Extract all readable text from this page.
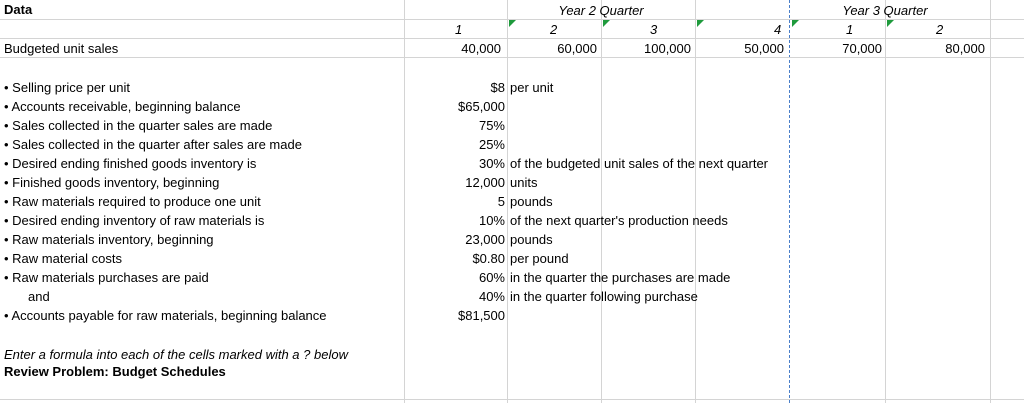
Data	Year 2 Quarter	Year 3 Quarter
1	2	3	4	1	2
Budgeted unit sales	40,000	60,000	100,000	50,000	70,000	80,000
• Selling price per unit	$8 per unit
• Accounts receivable, beginning balance	$65,000
• Sales collected in the quarter sales are made	75%
• Sales collected in the quarter after sales are made	25%
• Desired ending finished goods inventory is	30% of the budgeted unit sales of the next quarter
• Finished goods inventory, beginning	12,000 units
• Raw materials required to produce one unit	5 pounds
• Desired ending inventory of raw materials is	10% of the next quarter's production needs
• Raw materials inventory, beginning	23,000 pounds
• Raw material costs	$0.80 per pound
• Raw materials purchases are paid	60% in the quarter the purchases are made
and	40% in the quarter following purchase
• Accounts payable for raw materials, beginning balance	$81,500
Enter a formula into each of the cells marked with a ? below
Review Problem: Budget Schedules
